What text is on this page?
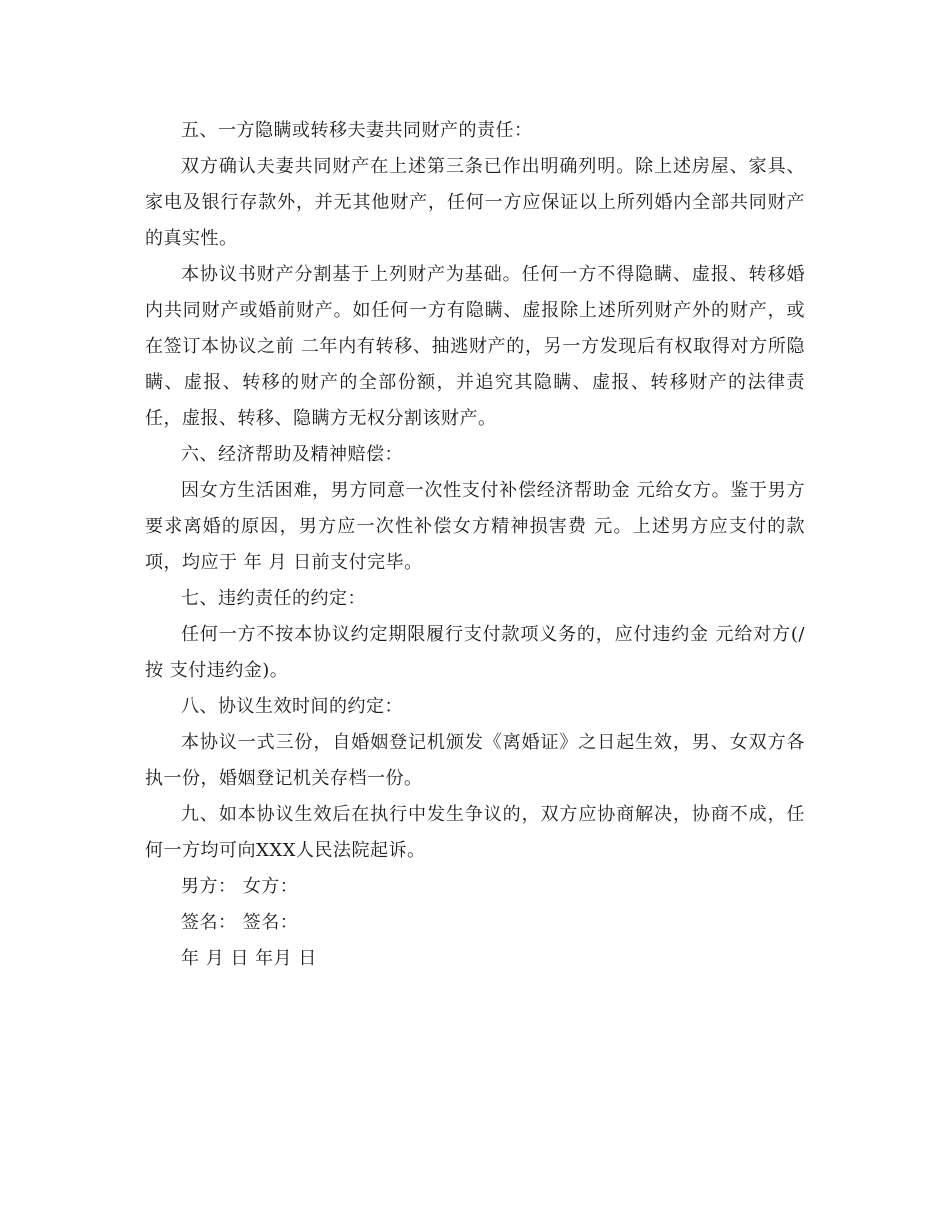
五、一方隐瞒或转移夫妻共同财产的责任：

双方确认夫妻共同财产在上述第三条已作出明确列明。除上述房屋、家具、家电及银行存款外，并无其他财产，任何一方应保证以上所列婚内全部共同财产的真实性。

本协议书财产分割基于上列财产为基础。任何一方不得隐瞒、虚报、转移婚内共同财产或婚前财产。如任何一方有隐瞒、虚报除上述所列财产外的财产，或在签订本协议之前 二年内有转移、抽逃财产的，另一方发现后有权取得对方所隐瞒、虚报、转移的财产的全部份额，并追究其隐瞒、虚报、转移财产的法律责任，虚报、转移、隐瞒方无权分割该财产。

六、经济帮助及精神赔偿：

因女方生活困难，男方同意一次性支付补偿经济帮助金 元给女方。鉴于男方要求离婚的原因，男方应一次性补偿女方精神损害费 元。上述男方应支付的款项，均应于 年 月 日前支付完毕。

七、违约责任的约定：

任何一方不按本协议约定期限履行支付款项义务的，应付违约金 元给对方(/按 支付违约金)。

八、协议生效时间的约定：

本协议一式三份，自婚姻登记机颁发《离婚证》之日起生效，男、女双方各执一份，婚姻登记机关存档一份。

九、如本协议生效后在执行中发生争议的，双方应协商解决，协商不成，任何一方均可向XXX人民法院起诉。

男方： 女方：

签名： 签名：

年 月 日 年月 日
